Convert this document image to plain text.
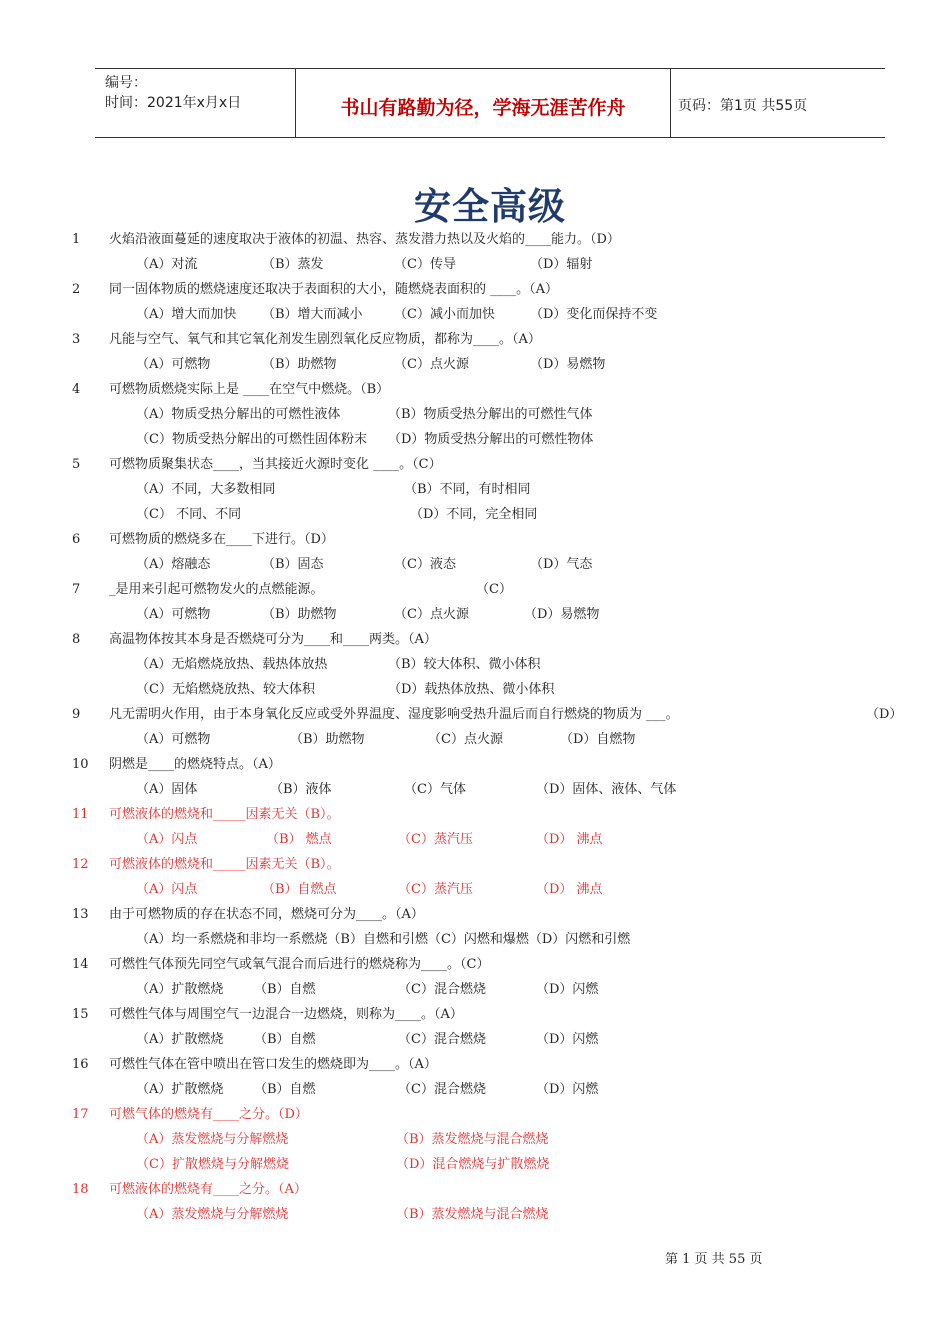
编号：
时间：2021年x月x日	书山有路勤为径，学海无涯苦作舟	页码：第1页 共55页
安全高级
1 火焰沿液面蔓延的速度取决于液体的初温、热容、蒸发潜力热以及火焰的____能力。（D）
（A）对流	（B）蒸发	（C）传导	（D）辐射
2 同一固体物质的燃烧速度还取决于表面积的大小，随燃烧表面积的 ____。（A）
（A）增大而加快 （B）增大而减小 （C）减小而加快	（D）变化而保持不变
3 凡能与空气、氧气和其它氧化剂发生剧烈氧化反应物质，都称为____。（A）
（A）可燃物	（B）助燃物	（C）点火源	（D）易燃物
4 可燃物质燃烧实际上是 ____在空气中燃烧。（B）
（A）物质受热分解出的可燃性液体	（B）物质受热分解出的可燃性气体
（C）物质受热分解出的可燃性固体粉末 （D）物质受热分解出的可燃性物体
5 可燃物质聚集状态____，当其接近火源时变化 ____。（C）
（A）不同，大多数相同	（B）不同，有时相同
（C） 不同、不同	（D）不同，完全相同
6 可燃物质的燃烧多在____下进行。（D）
（A）熔融态	（B）固态	（C）液态	（D）气态
7 _是用来引起可燃物发火的点燃能源。	（C）
（A）可燃物	（B）助燃物	（C）点火源	（D）易燃物
8 高温物体按其本身是否燃烧可分为____和____两类。（A）
（A）无焰燃烧放热、载热体放热	（B）较大体积、微小体积
（C）无焰燃烧放热、较大体积	（D）载热体放热、微小体积
9 凡无需明火作用，由于本身氧化反应或受外界温度、湿度影响受热升温后而自行燃烧的物质为 ___。	（D）
（A）可燃物	（B）助燃物	（C）点火源	（D）自燃物
10 阴燃是____的燃烧特点。（A）
（A）固体	（B）液体	（C）气体	（D）固体、液体、气体
11 可燃液体的燃烧和_____因素无关（B）。
（A）闪点	（B） 燃点	（C）蒸汽压	（D） 沸点
12 可燃液体的燃烧和_____因素无关（B）。
（A）闪点	（B）自燃点	（C）蒸汽压	（D） 沸点
13 由于可燃物质的存在状态不同，燃烧可分为____。（A）
（A）均一系燃烧和非均一系燃烧（B）自燃和引燃（C）闪燃和爆燃（D）闪燃和引燃
14 可燃性气体预先同空气或氧气混合而后进行的燃烧称为____。（C）
（A）扩散燃烧 （B）自燃	（C）混合燃烧	（D）闪燃
15 可燃性气体与周围空气一边混合一边燃烧，则称为____。（A）
（A）扩散燃烧 （B）自燃	（C）混合燃烧	（D）闪燃
16 可燃性气体在管中喷出在管口发生的燃烧即为____。（A）
（A）扩散燃烧 （B）自燃	（C）混合燃烧	（D）闪燃
17 可燃气体的燃烧有____之分。（D）
（A）蒸发燃烧与分解燃烧	（B）蒸发燃烧与混合燃烧
（C）扩散燃烧与分解燃烧	（D）混合燃烧与扩散燃烧
18 可燃液体的燃烧有____之分。（A）
（A）蒸发燃烧与分解燃烧	（B）蒸发燃烧与混合燃烧
第 1 页 共 55 页
